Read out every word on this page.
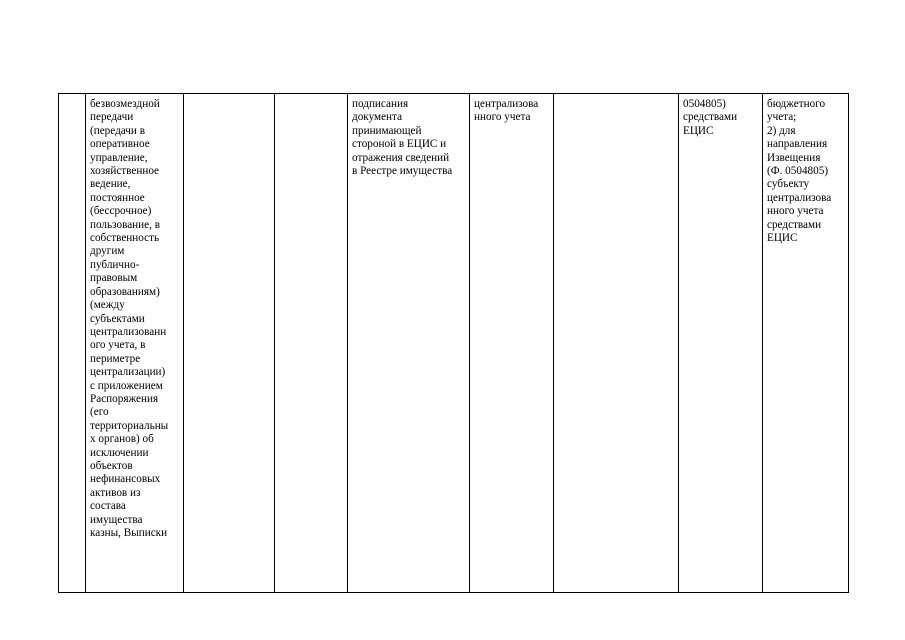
	безвозмездной
передачи
(передачи в
оперативное
управление,
хозяйственное
ведение,
постоянное
(бессрочное)
пользование, в
собственность
другим
публично-
правовым
образованиям)
(между
субъектами
централизованн
ого учета, в
периметре
централизации)
с приложением
Распоряжения
(его
территориальны
х органов) об
исключении
объектов
нефинансовых
активов из
состава
имущества
казны, Выписки			подписания
документа
принимающей
стороной в ЕЦИС и
отражения сведений
в Реестре имущества	централизова
нного учета		0504805)
средствами
ЕЦИС	бюджетного
учета;
2) для
направления
Извещения
(Ф. 0504805)
субъекту
централизова
нного учета
средствами
ЕЦИС
